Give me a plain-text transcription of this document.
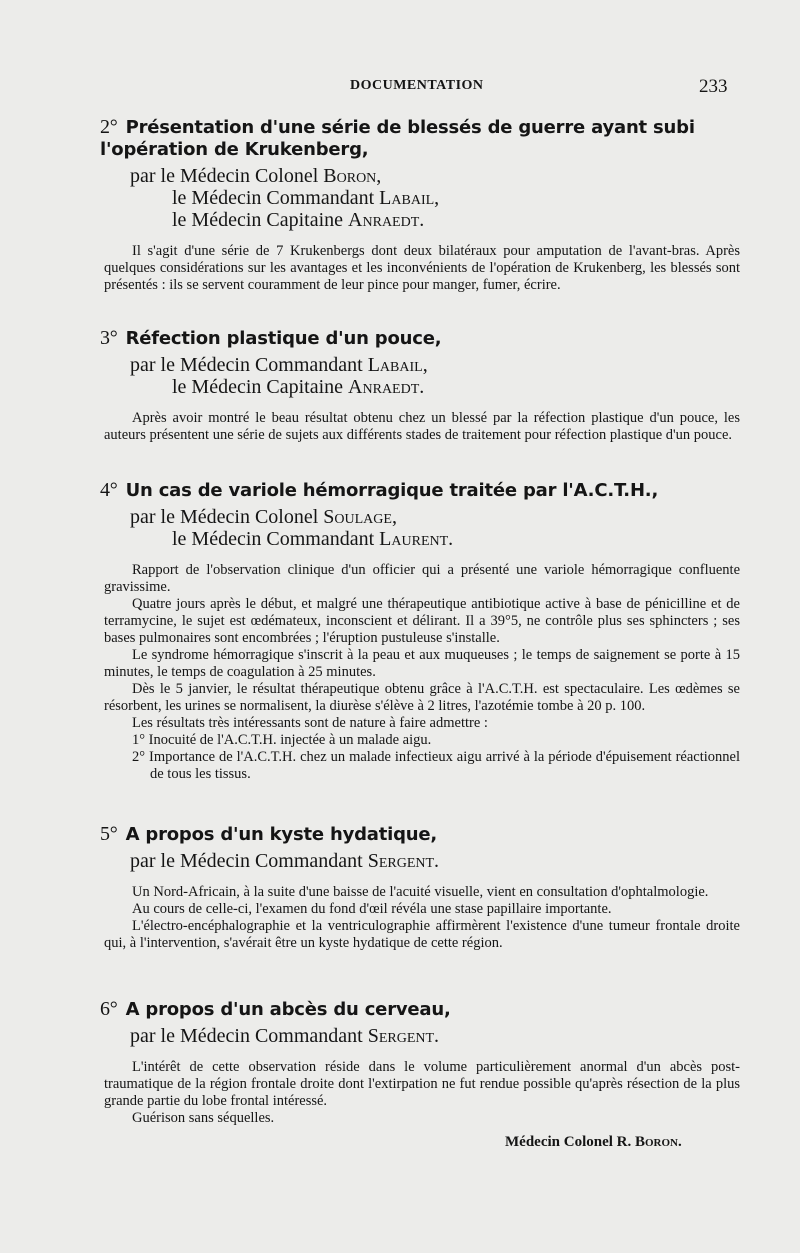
DOCUMENTATION	233
2° Présentation d'une série de blessés de guerre ayant subi l'opération de Krukenberg,
par le Médecin Colonel Boron,
le Médecin Commandant Labail,
le Médecin Capitaine Anraedt.

Il s'agit d'une série de 7 Krukenbergs dont deux bilatéraux pour amputation de l'avant-bras. Après quelques considérations sur les avantages et les inconvénients de l'opération de Krukenberg, les blessés sont présentés : ils se servent couramment de leur pince pour manger, fumer, écrire.

3° Réfection plastique d'un pouce,
par le Médecin Commandant Labail,
le Médecin Capitaine Anraedt.

Après avoir montré le beau résultat obtenu chez un blessé par la réfection plastique d'un pouce, les auteurs présentent une série de sujets aux différents stades de traitement pour réfection plastique d'un pouce.

4° Un cas de variole hémorragique traitée par l'A.C.T.H.,
par le Médecin Colonel Soulage,
le Médecin Commandant Laurent.

Rapport de l'observation clinique d'un officier qui a présenté une variole hémorragique confluente gravissime.

Quatre jours après le début, et malgré une thérapeutique antibiotique active à base de pénicilline et de terramycine, le sujet est œdémateux, inconscient et délirant. Il a 39°5, ne contrôle plus ses sphincters ; ses bases pulmonaires sont encombrées ; l'éruption pustuleuse s'installe.

Le syndrome hémorragique s'inscrit à la peau et aux muqueuses ; le temps de saignement se porte à 15 minutes, le temps de coagulation à 25 minutes.

Dès le 5 janvier, le résultat thérapeutique obtenu grâce à l'A.C.T.H. est spectaculaire. Les œdèmes se résorbent, les urines se normalisent, la diurèse s'élève à 2 litres, l'azotémie tombe à 20 p. 100.

Les résultats très intéressants sont de nature à faire admettre :

1° Inocuité de l'A.C.T.H. injectée à un malade aigu.

2° Importance de l'A.C.T.H. chez un malade infectieux aigu arrivé à la période d'épuisement réactionnel de tous les tissus.

5° A propos d'un kyste hydatique,
par le Médecin Commandant Sergent.

Un Nord-Africain, à la suite d'une baisse de l'acuité visuelle, vient en consultation d'ophtalmologie.

Au cours de celle-ci, l'examen du fond d'œil révéla une stase papillaire importante.

L'électro-encéphalographie et la ventriculographie affirmèrent l'existence d'une tumeur frontale droite qui, à l'intervention, s'avérait être un kyste hydatique de cette région.

6° A propos d'un abcès du cerveau,
par le Médecin Commandant Sergent.

L'intérêt de cette observation réside dans le volume particulièrement anormal d'un abcès post-traumatique de la région frontale droite dont l'extirpation ne fut rendue possible qu'après résection de la plus grande partie du lobe frontal intéressé.

Guérison sans séquelles.

Médecin Colonel R. Boron.
